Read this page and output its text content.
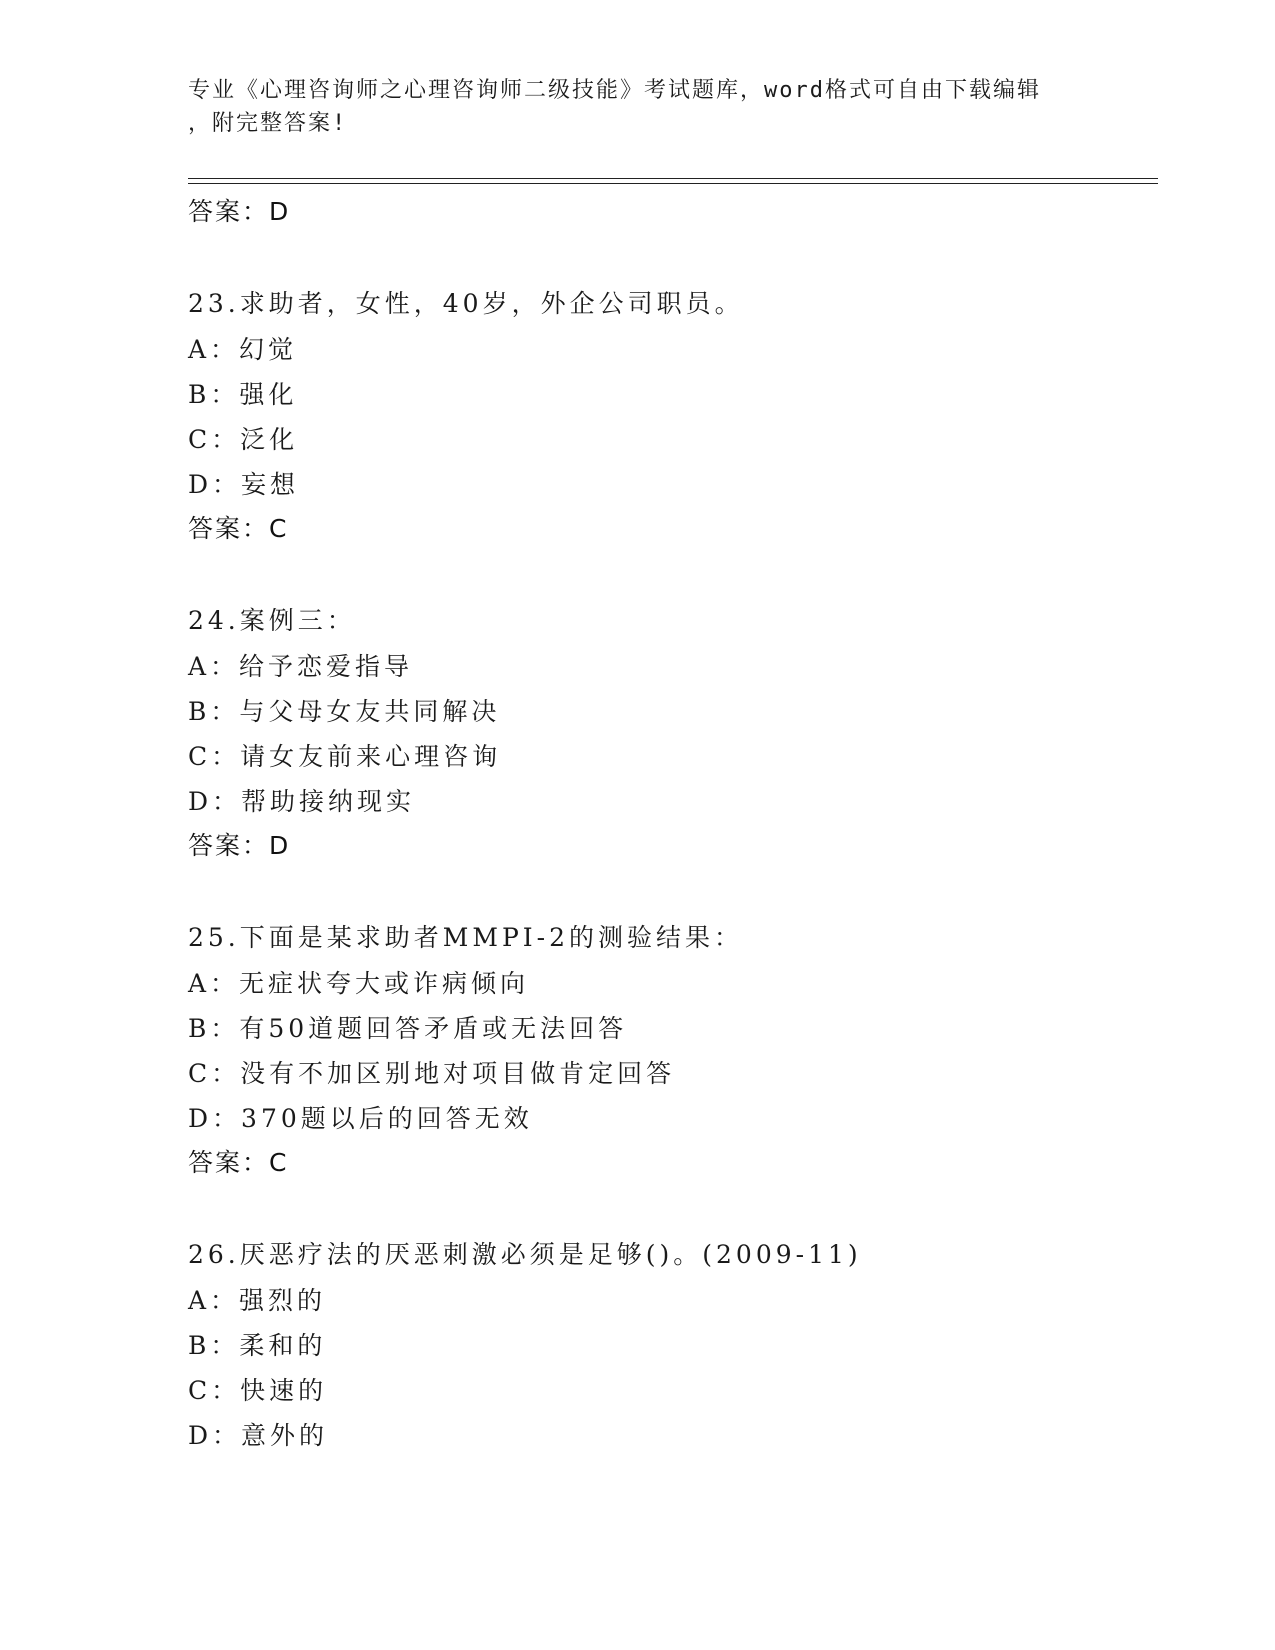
专业《心理咨询师之心理咨询师二级技能》考试题库，word格式可自由下载编辑
，附完整答案!
答案：D
23.求助者，女性，40岁，外企公司职员。
A：幻觉
B：强化
C：泛化
D：妄想
答案：C
24.案例三：
A：给予恋爱指导
B：与父母女友共同解决
C：请女友前来心理咨询
D：帮助接纳现实
答案：D
25.下面是某求助者MMPI-2的测验结果：
A：无症状夸大或诈病倾向
B：有50道题回答矛盾或无法回答
C：没有不加区别地对项目做肯定回答
D：370题以后的回答无效
答案：C
26.厌恶疗法的厌恶刺激必须是足够()。(2009-11)
A：强烈的
B：柔和的
C：快速的
D：意外的
